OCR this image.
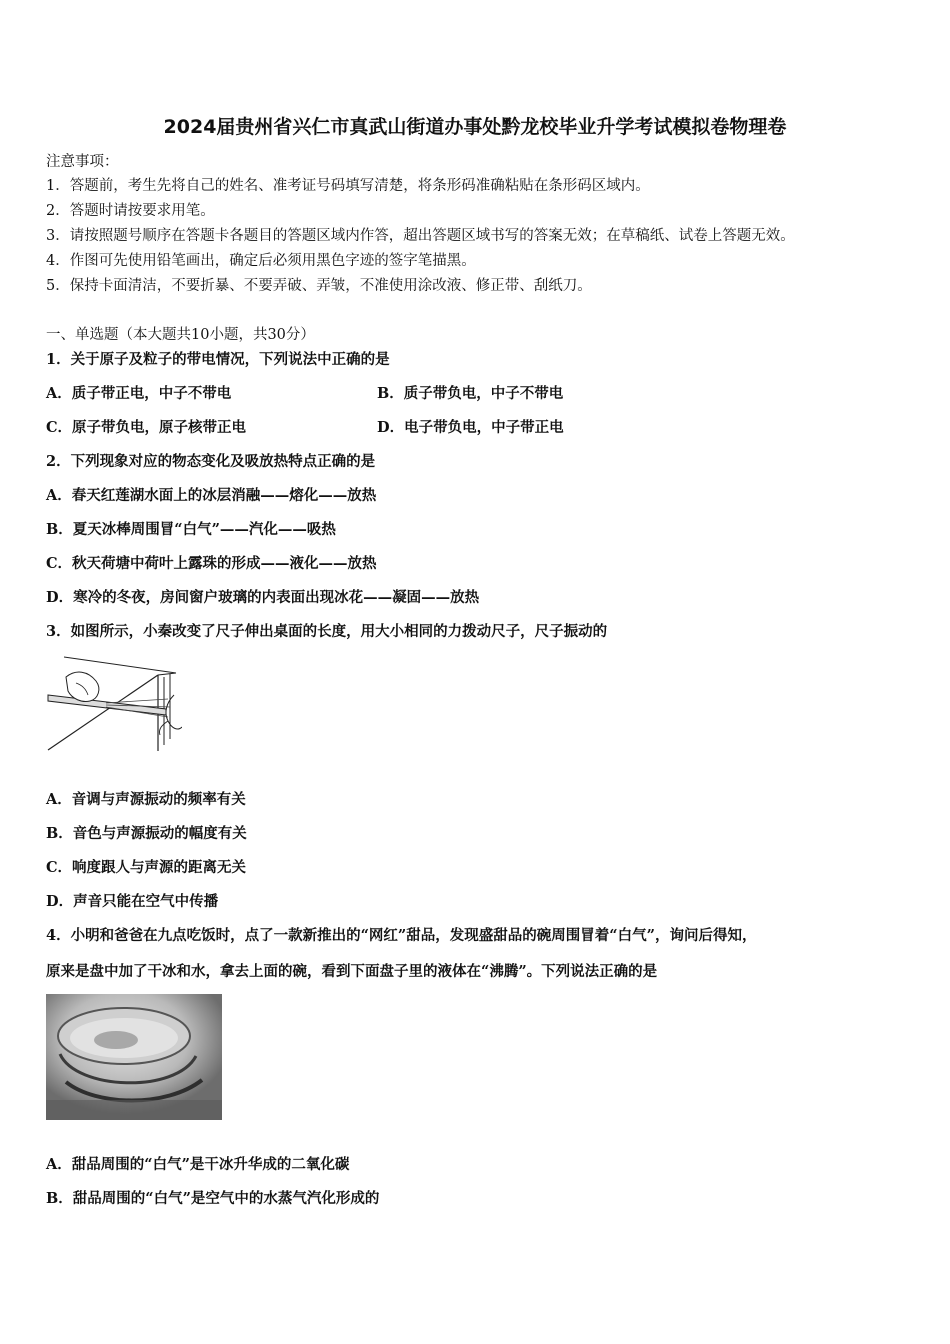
2024届贵州省兴仁市真武山街道办事处黔龙校毕业升学考试模拟卷物理卷
注意事项：
1．答题前，考生先将自己的姓名、准考证号码填写清楚，将条形码准确粘贴在条形码区域内。
2．答题时请按要求用笔。
3．请按照题号顺序在答题卡各题目的答题区域内作答，超出答题区域书写的答案无效；在草稿纸、试卷上答题无效。
4．作图可先使用铅笔画出，确定后必须用黑色字迹的签字笔描黑。
5．保持卡面清洁，不要折暴、不要弄破、弄皱，不准使用涂改液、修正带、刮纸刀。
一、单选题（本大题共10小题，共30分）
1．关于原子及粒子的带电情况，下列说法中正确的是
A．质子带正电，中子不带电	B．质子带负电，中子不带电
C．原子带负电，原子核带正电	D．电子带负电，中子带正电
2．下列现象对应的物态变化及吸放热特点正确的是
A．春天红莲湖水面上的冰层消融——熔化——放热
B．夏天冰棒周围冒“白气”——汽化——吸热
C．秋天荷塘中荷叶上露珠的形成——液化——放热
D．寒冷的冬夜，房间窗户玻璃的内表面出现冰花——凝固——放热
3．如图所示，小秦改变了尺子伸出桌面的长度，用大小相同的力拨动尺子，尺子振动的
A．音调与声源振动的频率有关
B．音色与声源振动的幅度有关
C．响度跟人与声源的距离无关
D．声音只能在空气中传播
4．小明和爸爸在九点吃饭时，点了一款新推出的“网红”甜品，发现盛甜品的碗周围冒着“白气”，询问后得知，
原来是盘中加了干冰和水，拿去上面的碗，看到下面盘子里的液体在“沸腾”。下列说法正确的是
A．甜品周围的“白气”是干冰升华成的二氧化碳
B．甜品周围的“白气”是空气中的水蒸气汽化形成的
